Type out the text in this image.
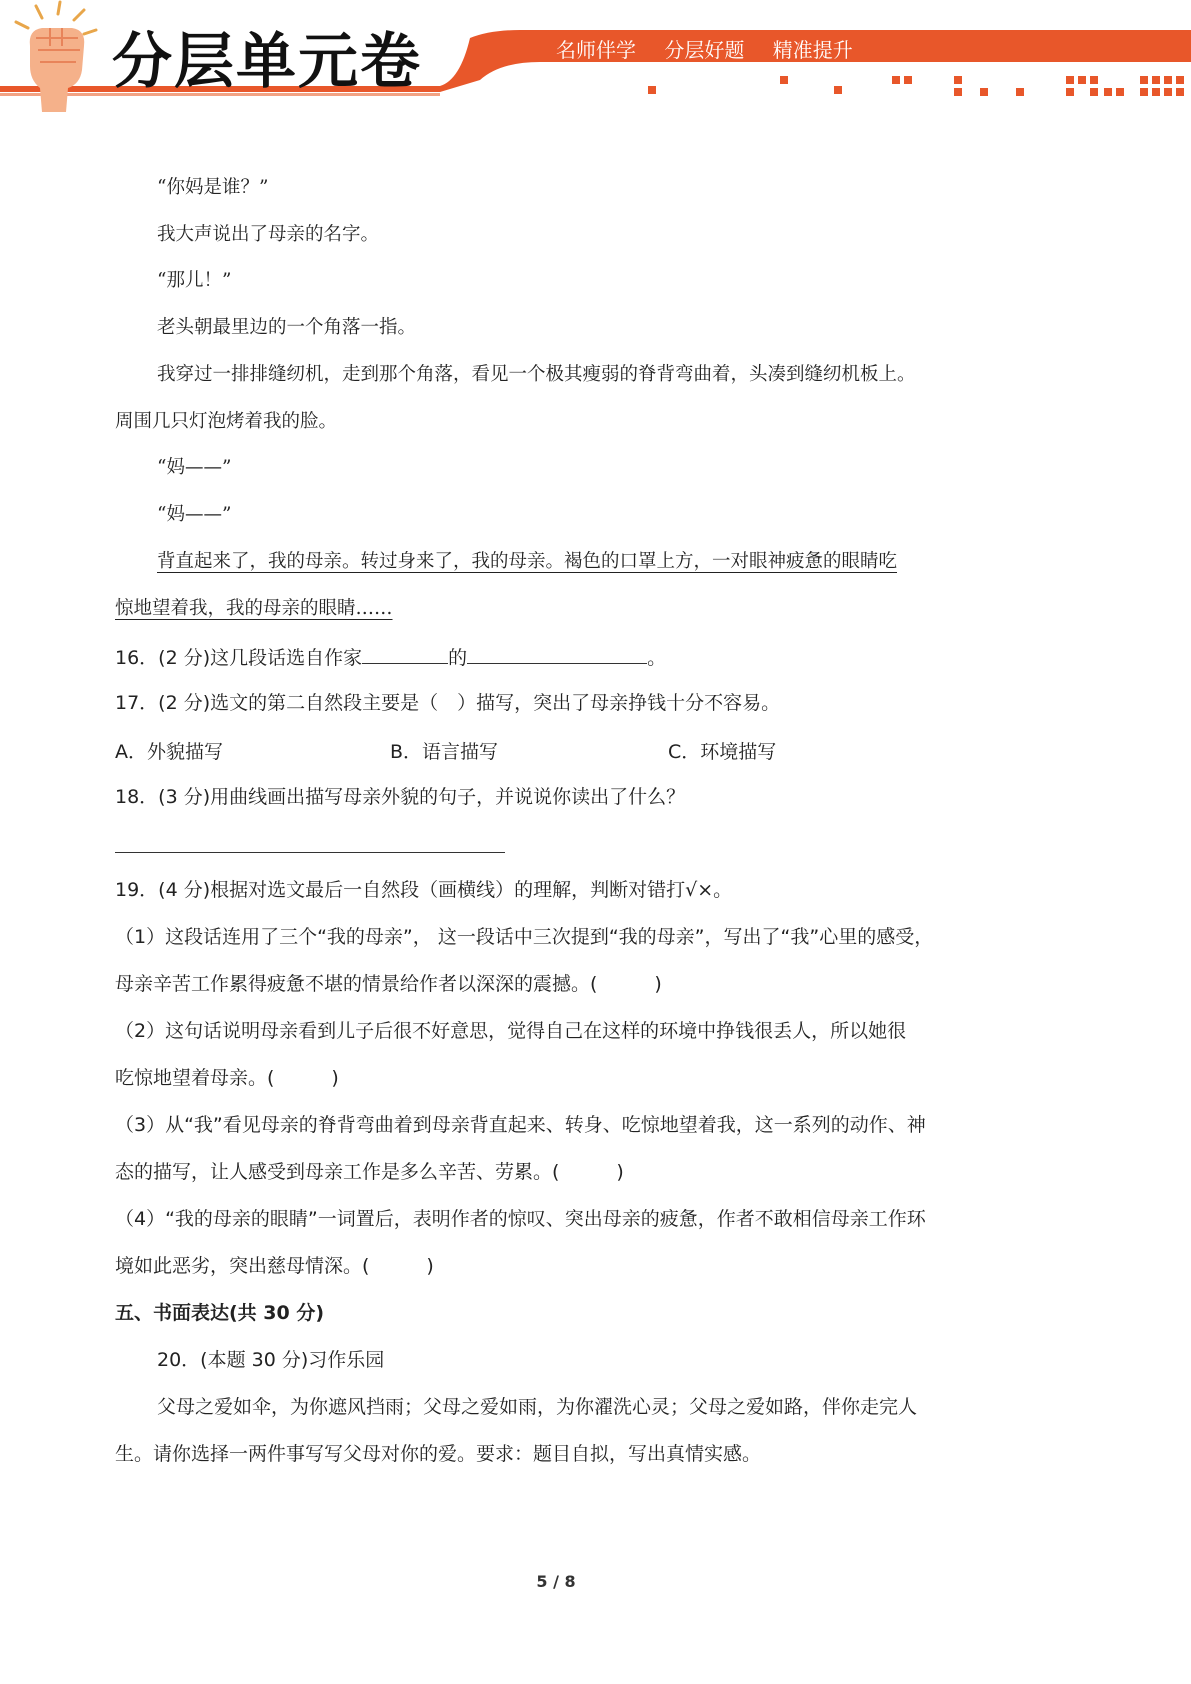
分层单元卷	名师伴学 分层好题 精准提升
“你妈是谁？”
我大声说出了母亲的名字。
“那儿！”
老头朝最里边的一个角落一指。
我穿过一排排缝纫机，走到那个角落，看见一个极其瘦弱的脊背弯曲着，头凑到缝纫机板上。
周围几只灯泡烤着我的脸。
“妈——”
“妈——”
背直起来了，我的母亲。转过身来了，我的母亲。褐色的口罩上方，一对眼神疲惫的眼睛吃
惊地望着我，我的母亲的眼睛……
16．(2 分)这几段话选自作家	的	。
17．(2 分)选文的第二自然段主要是（　）描写，突出了母亲挣钱十分不容易。
A．外貌描写	B．语言描写	C．环境描写
18．(3 分)用曲线画出描写母亲外貌的句子，并说说你读出了什么？
19．(4 分)根据对选文最后一自然段（画横线）的理解，判断对错打√×。
（1）这段话连用了三个“我的母亲”， 这一段话中三次提到“我的母亲”，写出了“我”心里的感受，
母亲辛苦工作累得疲惫不堪的情景给作者以深深的震撼。(　　　)
（2）这句话说明母亲看到儿子后很不好意思，觉得自己在这样的环境中挣钱很丢人，所以她很
吃惊地望着母亲。(　　　)
（3）从“我”看见母亲的脊背弯曲着到母亲背直起来、转身、吃惊地望着我，这一系列的动作、神
态的描写，让人感受到母亲工作是多么辛苦、劳累。(　　　)
（4）“我的母亲的眼睛”一词置后，表明作者的惊叹、突出母亲的疲惫，作者不敢相信母亲工作环
境如此恶劣，突出慈母情深。(　　　)
五、书面表达(共 30 分)
20．(本题 30 分)习作乐园
父母之爱如伞，为你遮风挡雨；父母之爱如雨，为你濯洗心灵；父母之爱如路，伴你走完人
生。请你选择一两件事写写父母对你的爱。要求：题目自拟，写出真情实感。
5 / 8
